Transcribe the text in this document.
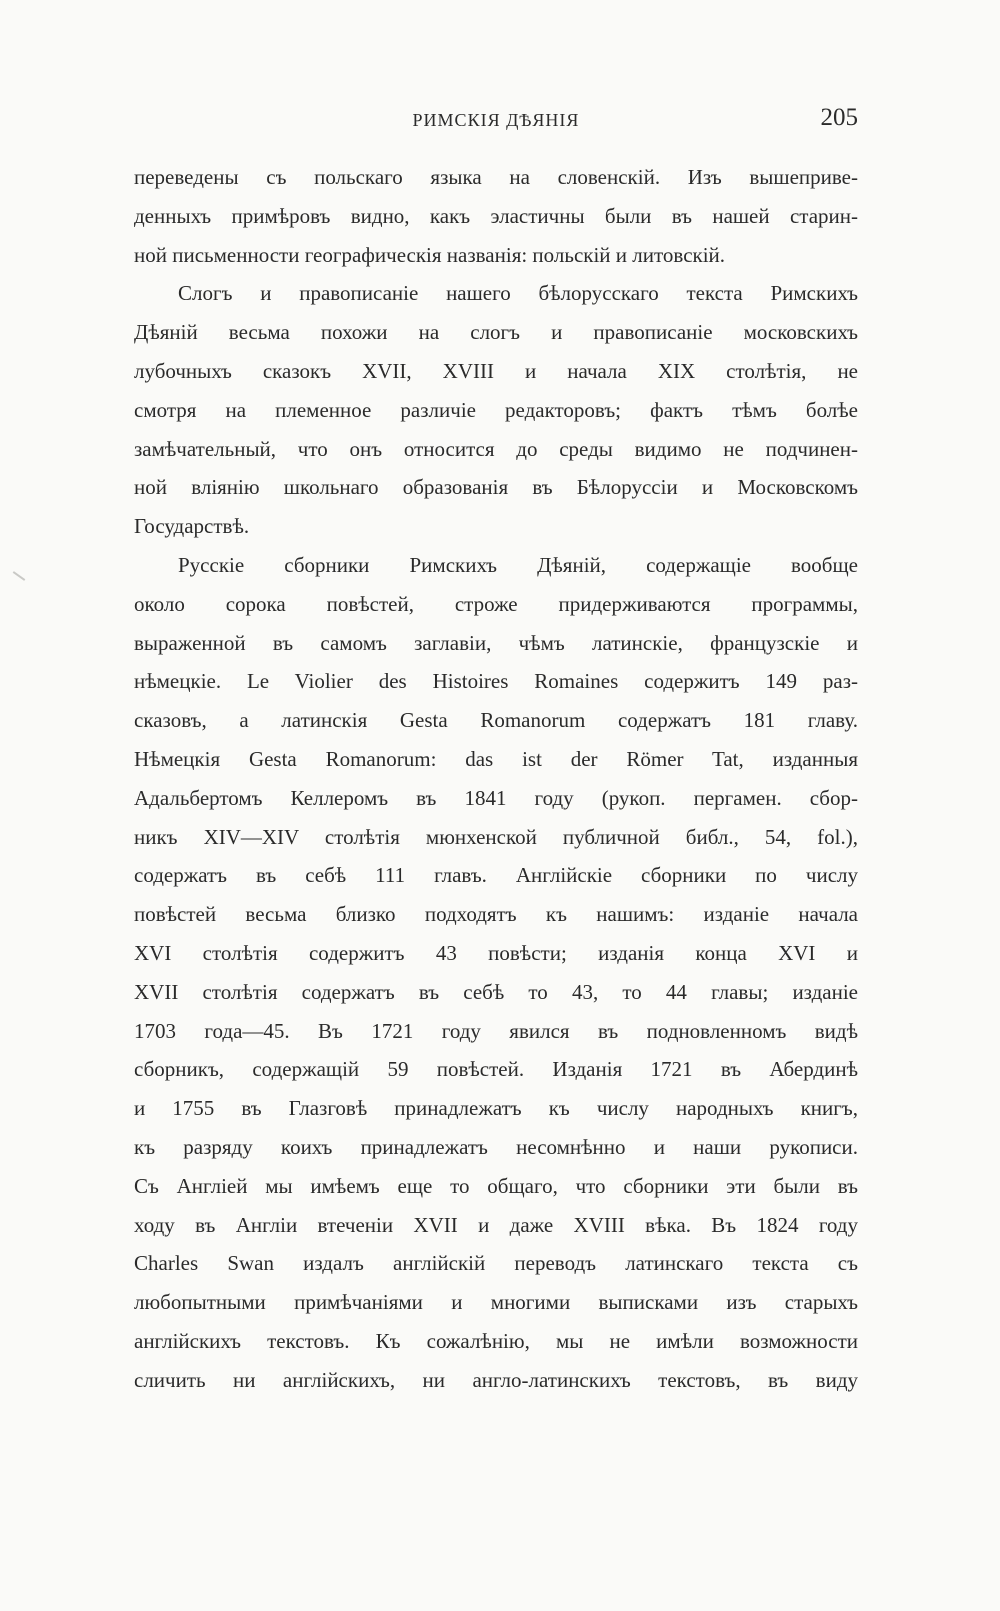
РИМСКІЯ ДѢЯНІЯ	205
переведены съ польскаго языка на словенскій. Изъ вышеприве-
денныхъ примѣровъ видно, какъ эластичны были въ нашей старин-
ной письменности географическія названія: польскій и литовскій.
Слогъ и правописаніе нашего бѣлорусскаго текста Римскихъ
Дѣяній весьма похожи на слогъ и правописаніе московскихъ
лубочныхъ сказокъ XVII, XVIII и начала XIX столѣтія, не
смотря на племенное различіе редакторовъ; фактъ тѣмъ болѣе
замѣчательный, что онъ относится до среды видимо не подчинен-
ной вліянію школьнаго образованія въ Бѣлоруссіи и Московскомъ
Государствѣ.
Русскіе сборники Римскихъ Дѣяній, содержащіе вообще
около сорока повѣстей, строже придерживаются программы,
выраженной въ самомъ заглавіи, чѣмъ латинскіе, французскіе и
нѣмецкіе. Le Violier des Histoires Romaines содержитъ 149 раз-
сказовъ, а латинскія Gesta Romanorum содержатъ 181 главу.
Нѣмецкія Gesta Romanorum: das ist der Römer Tat, изданныя
Адальбертомъ Келлеромъ въ 1841 году (рукоп. пергамен. сбор-
никъ XIV—XIV столѣтія мюнхенской публичной библ., 54, fol.),
содержатъ въ себѣ 111 главъ. Англійскіе сборники по числу
повѣстей весьма близко подходятъ къ нашимъ: изданіе начала
XVI столѣтія содержитъ 43 повѣсти; изданія конца XVI и
XVII столѣтія содержатъ въ себѣ то 43, то 44 главы; изданіе
1703 года—45. Въ 1721 году явился въ подновленномъ видѣ
сборникъ, содержащій 59 повѣстей. Изданія 1721 въ Абердинѣ
и 1755 въ Глазговѣ принадлежатъ къ числу народныхъ книгъ,
къ разряду коихъ принадлежатъ несомнѣнно и наши рукописи.
Съ Англіей мы имѣемъ еще то общаго, что сборники эти были въ
ходу въ Англіи втеченіи XVII и даже XVIII вѣка. Въ 1824 году
Charles Swan издалъ англійскій переводъ латинскаго текста съ
любопытными примѣчаніями и многими выписками изъ старыхъ
англійскихъ текстовъ. Къ сожалѣнію, мы не имѣли возможности
сличить ни англійскихъ, ни англо-латинскихъ текстовъ, въ виду
